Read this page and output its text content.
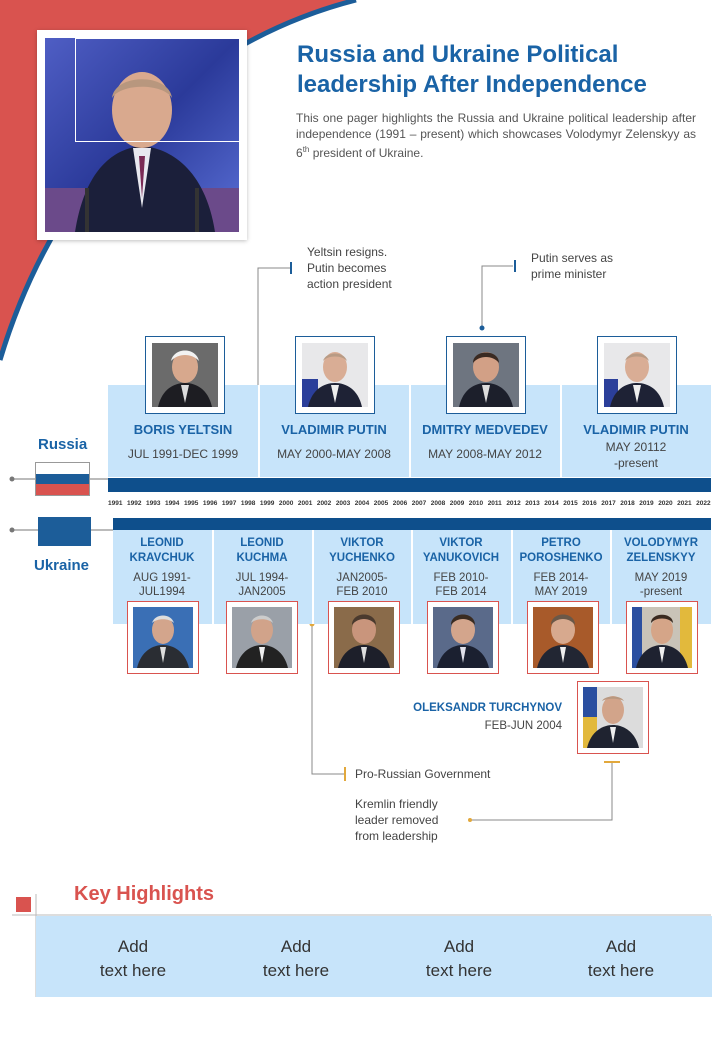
Russia and Ukraine Political leadership After Independence
This one pager highlights the Russia and Ukraine political leadership after independence (1991 – present) which showcases Volodymyr Zelenskyy as 6th president of Ukraine.
Yeltsin resigns.
Putin becomes
action president
Putin serves as
prime minister
BORIS YELTSIN
JUL 1991-DEC 1999
VLADIMIR PUTIN
MAY 2000-MAY 2008
DMITRY MEDVEDEV
MAY 2008-MAY 2012
VLADIMIR PUTIN
MAY 20112
-present
Russia
Ukraine
1991 1992 1993 1994 1995 1996 1997 1998 1999 2000 2001 2002 2003 2004 2005 2006 2007 2008 2009 2010 2011 2012 2013 2014 2015 2016 2017 2018 2019 2020 2021 2022
LEONID
KRAVCHUK
AUG 1991-
JUL1994
LEONID
KUCHMA
JUL 1994-
JAN2005
VIKTOR
YUCHENKO
JAN2005-
FEB 2010
VIKTOR
YANUKOVICH
FEB 2010-
FEB 2014
PETRO
POROSHENKO
FEB 2014-
MAY 2019
VOLODYMYR
ZELENSKYY
MAY 2019
-present
OLEKSANDR TURCHYNOV
FEB-JUN 2004
Pro-Russian Government
Kremlin friendly
leader removed
from leadership
Key Highlights
Add
text here
Add
text here
Add
text here
Add
text here
